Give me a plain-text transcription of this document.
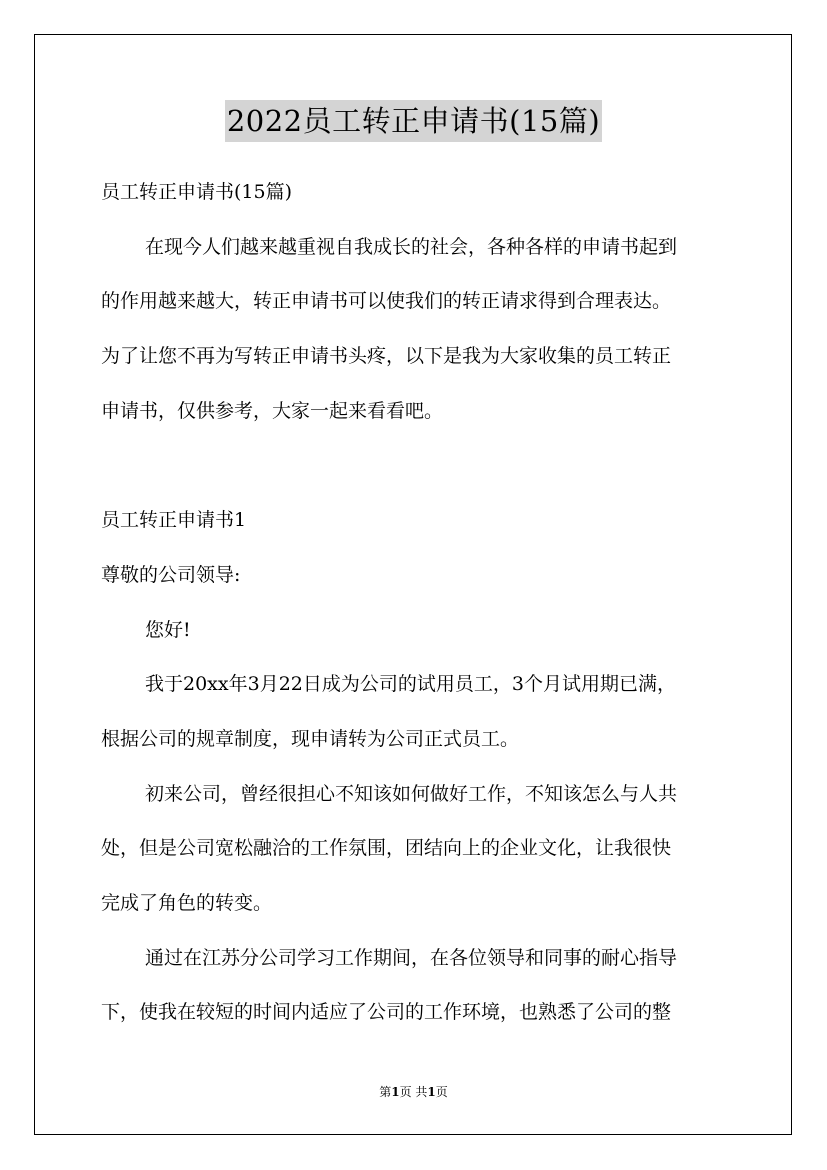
2022员工转正申请书(15篇)
员工转正申请书(15篇)
在现今人们越来越重视自我成长的社会，各种各样的申请书起到
的作用越来越大，转正申请书可以使我们的转正请求得到合理表达。
为了让您不再为写转正申请书头疼，以下是我为大家收集的员工转正
申请书，仅供参考，大家一起来看看吧。
员工转正申请书1
尊敬的公司领导:
您好!
我于20xx年3月22日成为公司的试用员工，3个月试用期已满，
根据公司的规章制度，现申请转为公司正式员工。
初来公司，曾经很担心不知该如何做好工作，不知该怎么与人共
处，但是公司宽松融洽的工作氛围，团结向上的企业文化，让我很快
完成了角色的转变。
通过在江苏分公司学习工作期间，在各位领导和同事的耐心指导
下，使我在较短的时间内适应了公司的工作环境，也熟悉了公司的整
第1页 共1页
